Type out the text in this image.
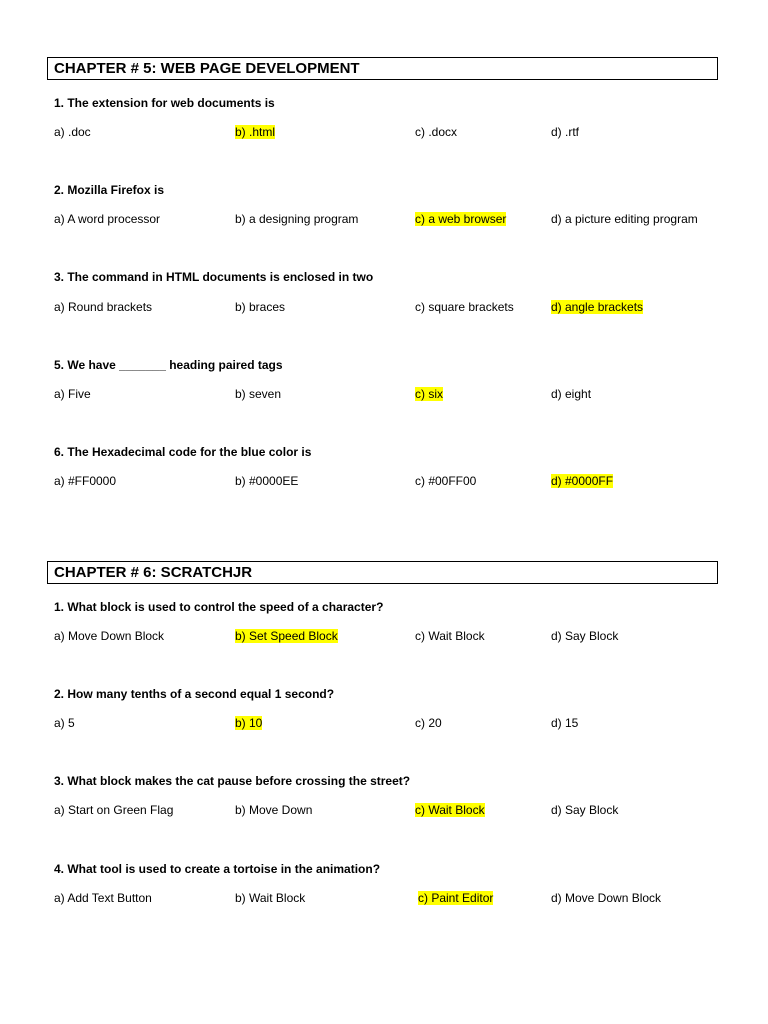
CHAPTER # 5: WEB PAGE DEVELOPMENT
1. The extension for web documents is
a) .doc	b) .html	c) .docx	d) .rtf
2. Mozilla Firefox is
a) A word processor	b) a designing program	c) a web browser	d) a picture editing program
3. The command in HTML documents is enclosed in two
a) Round brackets	b) braces	c) square brackets	d) angle brackets
5. We have _______ heading paired tags
a) Five	b) seven	c) six	d) eight
6. The Hexadecimal code for the blue color is
a) #FF0000	b) #0000EE	c) #00FF00	d) #0000FF
CHAPTER # 6: SCRATCHJR
1. What block is used to control the speed of a character?
a) Move Down Block	b) Set Speed Block	c) Wait Block	d) Say Block
2. How many tenths of a second equal 1 second?
a) 5	b) 10	c) 20	d) 15
3. What block makes the cat pause before crossing the street?
a) Start on Green Flag	b) Move Down	c) Wait Block	d) Say Block
4. What tool is used to create a tortoise in the animation?
a) Add Text Button	b) Wait Block	c) Paint Editor	d) Move Down Block
